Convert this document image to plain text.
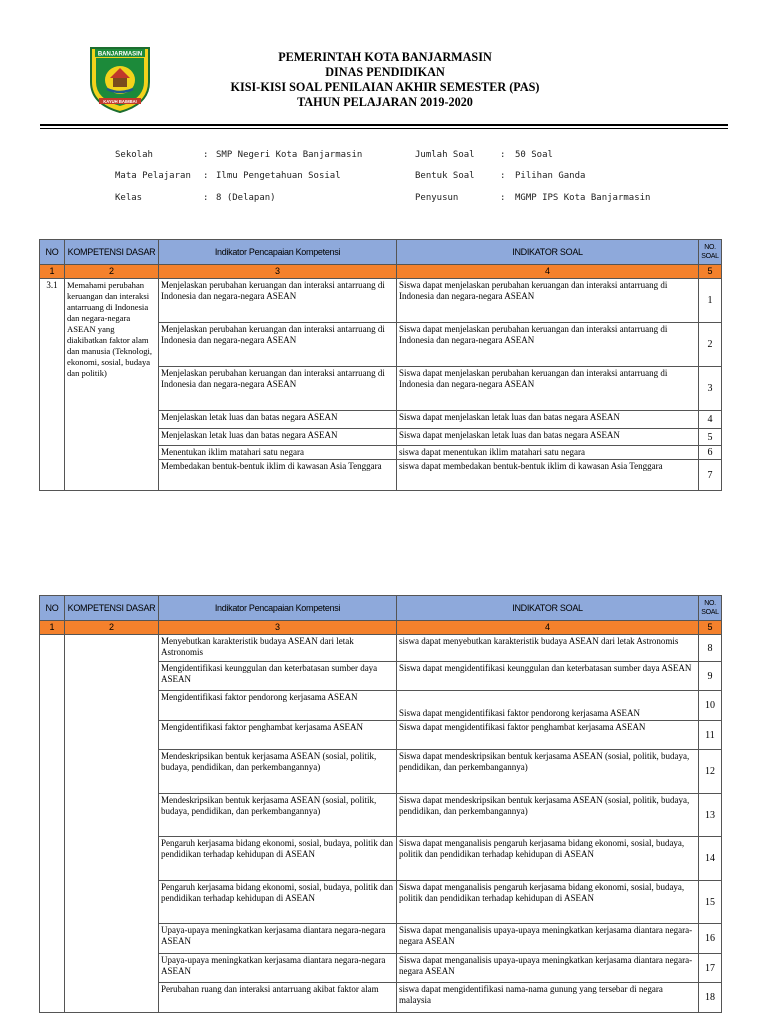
BANJARMASIN
KAYUH BAIMBAI
PEMERINTAH KOTA BANJARMASIN
DINAS PENDIDIKAN
KISI-KISI SOAL PENILAIAN AKHIR SEMESTER (PAS)
TAHUN PELAJARAN 2019-2020
Sekolah	: SMP Negeri Kota Banjarmasin	Jumlah Soal	: 50 Soal
Mata Pelajaran : Ilmu Pengetahuan Sosial	Bentuk Soal	: Pilihan Ganda
Kelas	: 8 (Delapan)	Penyusun	: MGMP IPS Kota Banjarmasin
NO	KOMPETENSI DASAR	Indikator Pencapaian Kompetensi	INDIKATOR SOAL	NO.
SOAL
1	2	3	4	5
3.1	Memahami perubahan keruangan dan interaksi antarruang di Indonesia dan negara-negara ASEAN yang diakibatkan faktor alam dan manusia (Teknologi, ekonomi, sosial, budaya dan politik)	Menjelaskan perubahan keruangan dan interaksi antarruang di Indonesia dan negara-negara ASEAN	Siswa dapat menjelaskan perubahan keruangan dan interaksi antarruang di Indonesia dan negara-negara ASEAN	1
		Menjelaskan perubahan keruangan dan interaksi antarruang di Indonesia dan negara-negara ASEAN	Siswa dapat menjelaskan perubahan keruangan dan interaksi antarruang di Indonesia dan negara-negara ASEAN	2
		Menjelaskan perubahan keruangan dan interaksi antarruang di Indonesia dan negara-negara ASEAN	Siswa dapat menjelaskan perubahan keruangan dan interaksi antarruang di Indonesia dan negara-negara ASEAN	3
		Menjelaskan letak luas dan batas negara ASEAN	Siswa dapat menjelaskan letak luas dan batas negara ASEAN	4
		Menjelaskan letak luas dan batas negara ASEAN	Siswa dapat menjelaskan letak luas dan batas negara ASEAN	5
		Menentukan iklim matahari satu negara	siswa dapat menentukan iklim matahari satu negara	6
		Membedakan bentuk-bentuk iklim di kawasan Asia Tenggara	siswa dapat membedakan bentuk-bentuk iklim di kawasan Asia Tenggara	7
NO	KOMPETENSI DASAR	Indikator Pencapaian Kompetensi	INDIKATOR SOAL	NO.
SOAL
1	2	3	4	5
		Menyebutkan karakteristik budaya ASEAN dari letak Astronomis	siswa dapat menyebutkan karakteristik budaya ASEAN dari letak Astronomis	8
		Mengidentifikasi keunggulan dan keterbatasan sumber daya ASEAN	Siswa dapat mengidentifikasi keunggulan dan keterbatasan sumber daya ASEAN	9
		Mengidentifikasi faktor pendorong kerjasama ASEAN	Siswa dapat mengidentifikasi faktor pendorong kerjasama ASEAN	10
		Mengidentifikasi faktor penghambat kerjasama ASEAN	Siswa dapat mengidentifikasi faktor penghambat kerjasama ASEAN	11
		Mendeskripsikan bentuk kerjasama ASEAN (sosial, politik, budaya, pendidikan, dan perkembangannya)	Siswa dapat mendeskripsikan bentuk kerjasama ASEAN (sosial, politik, budaya, pendidikan, dan perkembangannya)	12
		Mendeskripsikan bentuk kerjasama ASEAN (sosial, politik, budaya, pendidikan, dan perkembangannya)	Siswa dapat mendeskripsikan bentuk kerjasama ASEAN (sosial, politik, budaya, pendidikan, dan perkembangannya)	13
		Pengaruh kerjasama bidang ekonomi, sosial, budaya, politik dan pendidikan terhadap kehidupan di ASEAN	Siswa dapat menganalisis pengaruh kerjasama bidang ekonomi, sosial, budaya, politik dan pendidikan terhadap kehidupan di ASEAN	14
		Pengaruh kerjasama bidang ekonomi, sosial, budaya, politik dan pendidikan terhadap kehidupan di ASEAN	Siswa dapat menganalisis pengaruh kerjasama bidang ekonomi, sosial, budaya, politik dan pendidikan terhadap kehidupan di ASEAN	15
		Upaya-upaya meningkatkan kerjasama diantara negara-negara ASEAN	Siswa dapat menganalisis upaya-upaya meningkatkan kerjasama diantara negara-negara ASEAN	16
		Upaya-upaya meningkatkan kerjasama diantara negara-negara ASEAN	Siswa dapat menganalisis upaya-upaya meningkatkan kerjasama diantara negara-negara ASEAN	17
		Perubahan ruang dan interaksi antarruang akibat faktor alam	siswa dapat mengidentifikasi nama-nama gunung yang tersebar di negara malaysia	18
